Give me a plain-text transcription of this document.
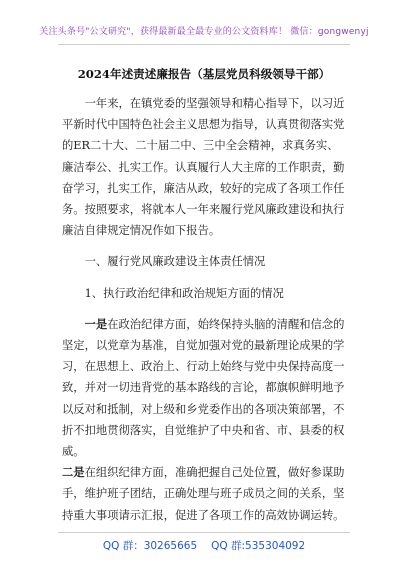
关注头条号"公文研究"，获得最新最全最专业的公文资料库！ 微信：gongwenyj
2024年述责述廉报告（基层党员科级领导干部）

一年来，在镇党委的坚强领导和精心指导下，以习近平新时代中国特色社会主义思想为指导，认真贯彻落实党的ER二十大、二十届二中、三中全会精神，求真务实、廉洁奉公、扎实工作。认真履行人大主席的工作职责，勤奋学习，扎实工作，廉洁从政，较好的完成了各项工作任务。按照要求，将就本人一年来履行党风廉政建设和执行廉洁自律规定情况作如下报告。

一、履行党风廉政建设主体责任情况

1、执行政治纪律和政治规矩方面的情况

一是在政治纪律方面，始终保持头脑的清醒和信念的坚定，以党章为基准，自觉加强对党的最新理论成果的学习，在思想上、政治上、行动上始终与党中央保持高度一致，并对一切违背党的基本路线的言论，都旗帜鲜明地予以反对和抵制，对上级和乡党委作出的各项决策部署，不折不扣地贯彻落实，自觉维护了中央和省、市、县委的权威。

二是在组织纪律方面，准确把握自己处位置，做好参谋助手，维护班子团结，正确处理与班子成员之间的关系，坚持重大事项请示汇报，促进了各项工作的高效协调运转。

QQ 群：30265665 QQ 群:535304092
